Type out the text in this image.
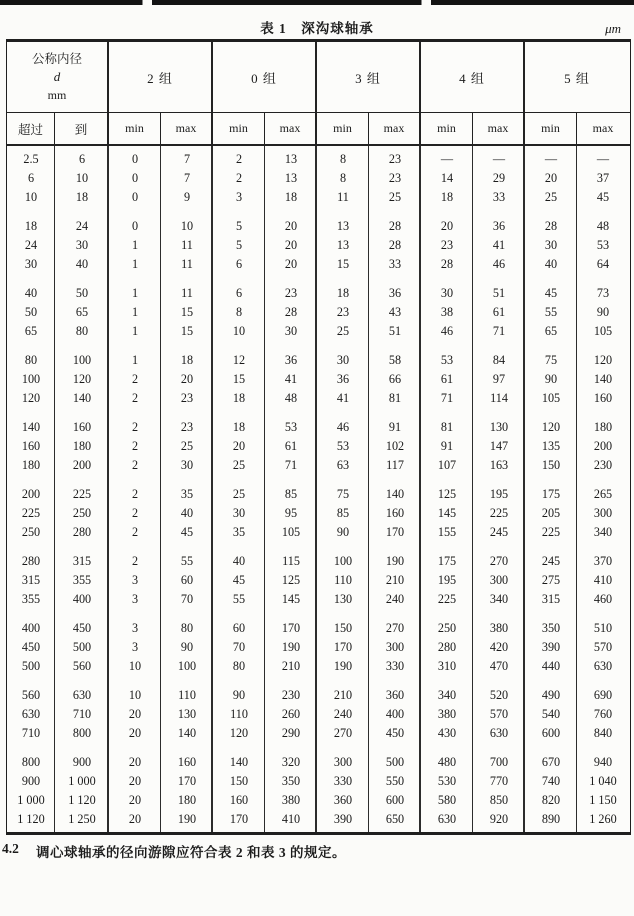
表 1　深沟球轴承	μm
公称内径
d
mm
2 组	0 组	3 组	4 组	5 组
超过	到	min	max	min	max	min	max	min	max	min	max
2.5	6	0	7	2	13	8	23	—	—	—	—
6	10	0	7	2	13	8	23	14	29	20	37
10	18	0	9	3	18	11	25	18	33	25	45
18	24	0	10	5	20	13	28	20	36	28	48
24	30	1	11	5	20	13	28	23	41	30	53
30	40	1	11	6	20	15	33	28	46	40	64
40	50	1	11	6	23	18	36	30	51	45	73
50	65	1	15	8	28	23	43	38	61	55	90
65	80	1	15	10	30	25	51	46	71	65	105
80	100	1	18	12	36	30	58	53	84	75	120
100	120	2	20	15	41	36	66	61	97	90	140
120	140	2	23	18	48	41	81	71	114	105	160
140	160	2	23	18	53	46	91	81	130	120	180
160	180	2	25	20	61	53	102	91	147	135	200
180	200	2	30	25	71	63	117	107	163	150	230
200	225	2	35	25	85	75	140	125	195	175	265
225	250	2	40	30	95	85	160	145	225	205	300
250	280	2	45	35	105	90	170	155	245	225	340
280	315	2	55	40	115	100	190	175	270	245	370
315	355	3	60	45	125	110	210	195	300	275	410
355	400	3	70	55	145	130	240	225	340	315	460
400	450	3	80	60	170	150	270	250	380	350	510
450	500	3	90	70	190	170	300	280	420	390	570
500	560	10	100	80	210	190	330	310	470	440	630
560	630	10	110	90	230	210	360	340	520	490	690
630	710	20	130	110	260	240	400	380	570	540	760
710	800	20	140	120	290	270	450	430	630	600	840
800	900	20	160	140	320	300	500	480	700	670	940
900	1 000	20	170	150	350	330	550	530	770	740	1 040
1 000	1 120	20	180	160	380	360	600	580	850	820	1 150
1 120	1 250	20	190	170	410	390	650	630	920	890	1 260
4.2	调心球轴承的径向游隙应符合表 2 和表 3 的规定。
